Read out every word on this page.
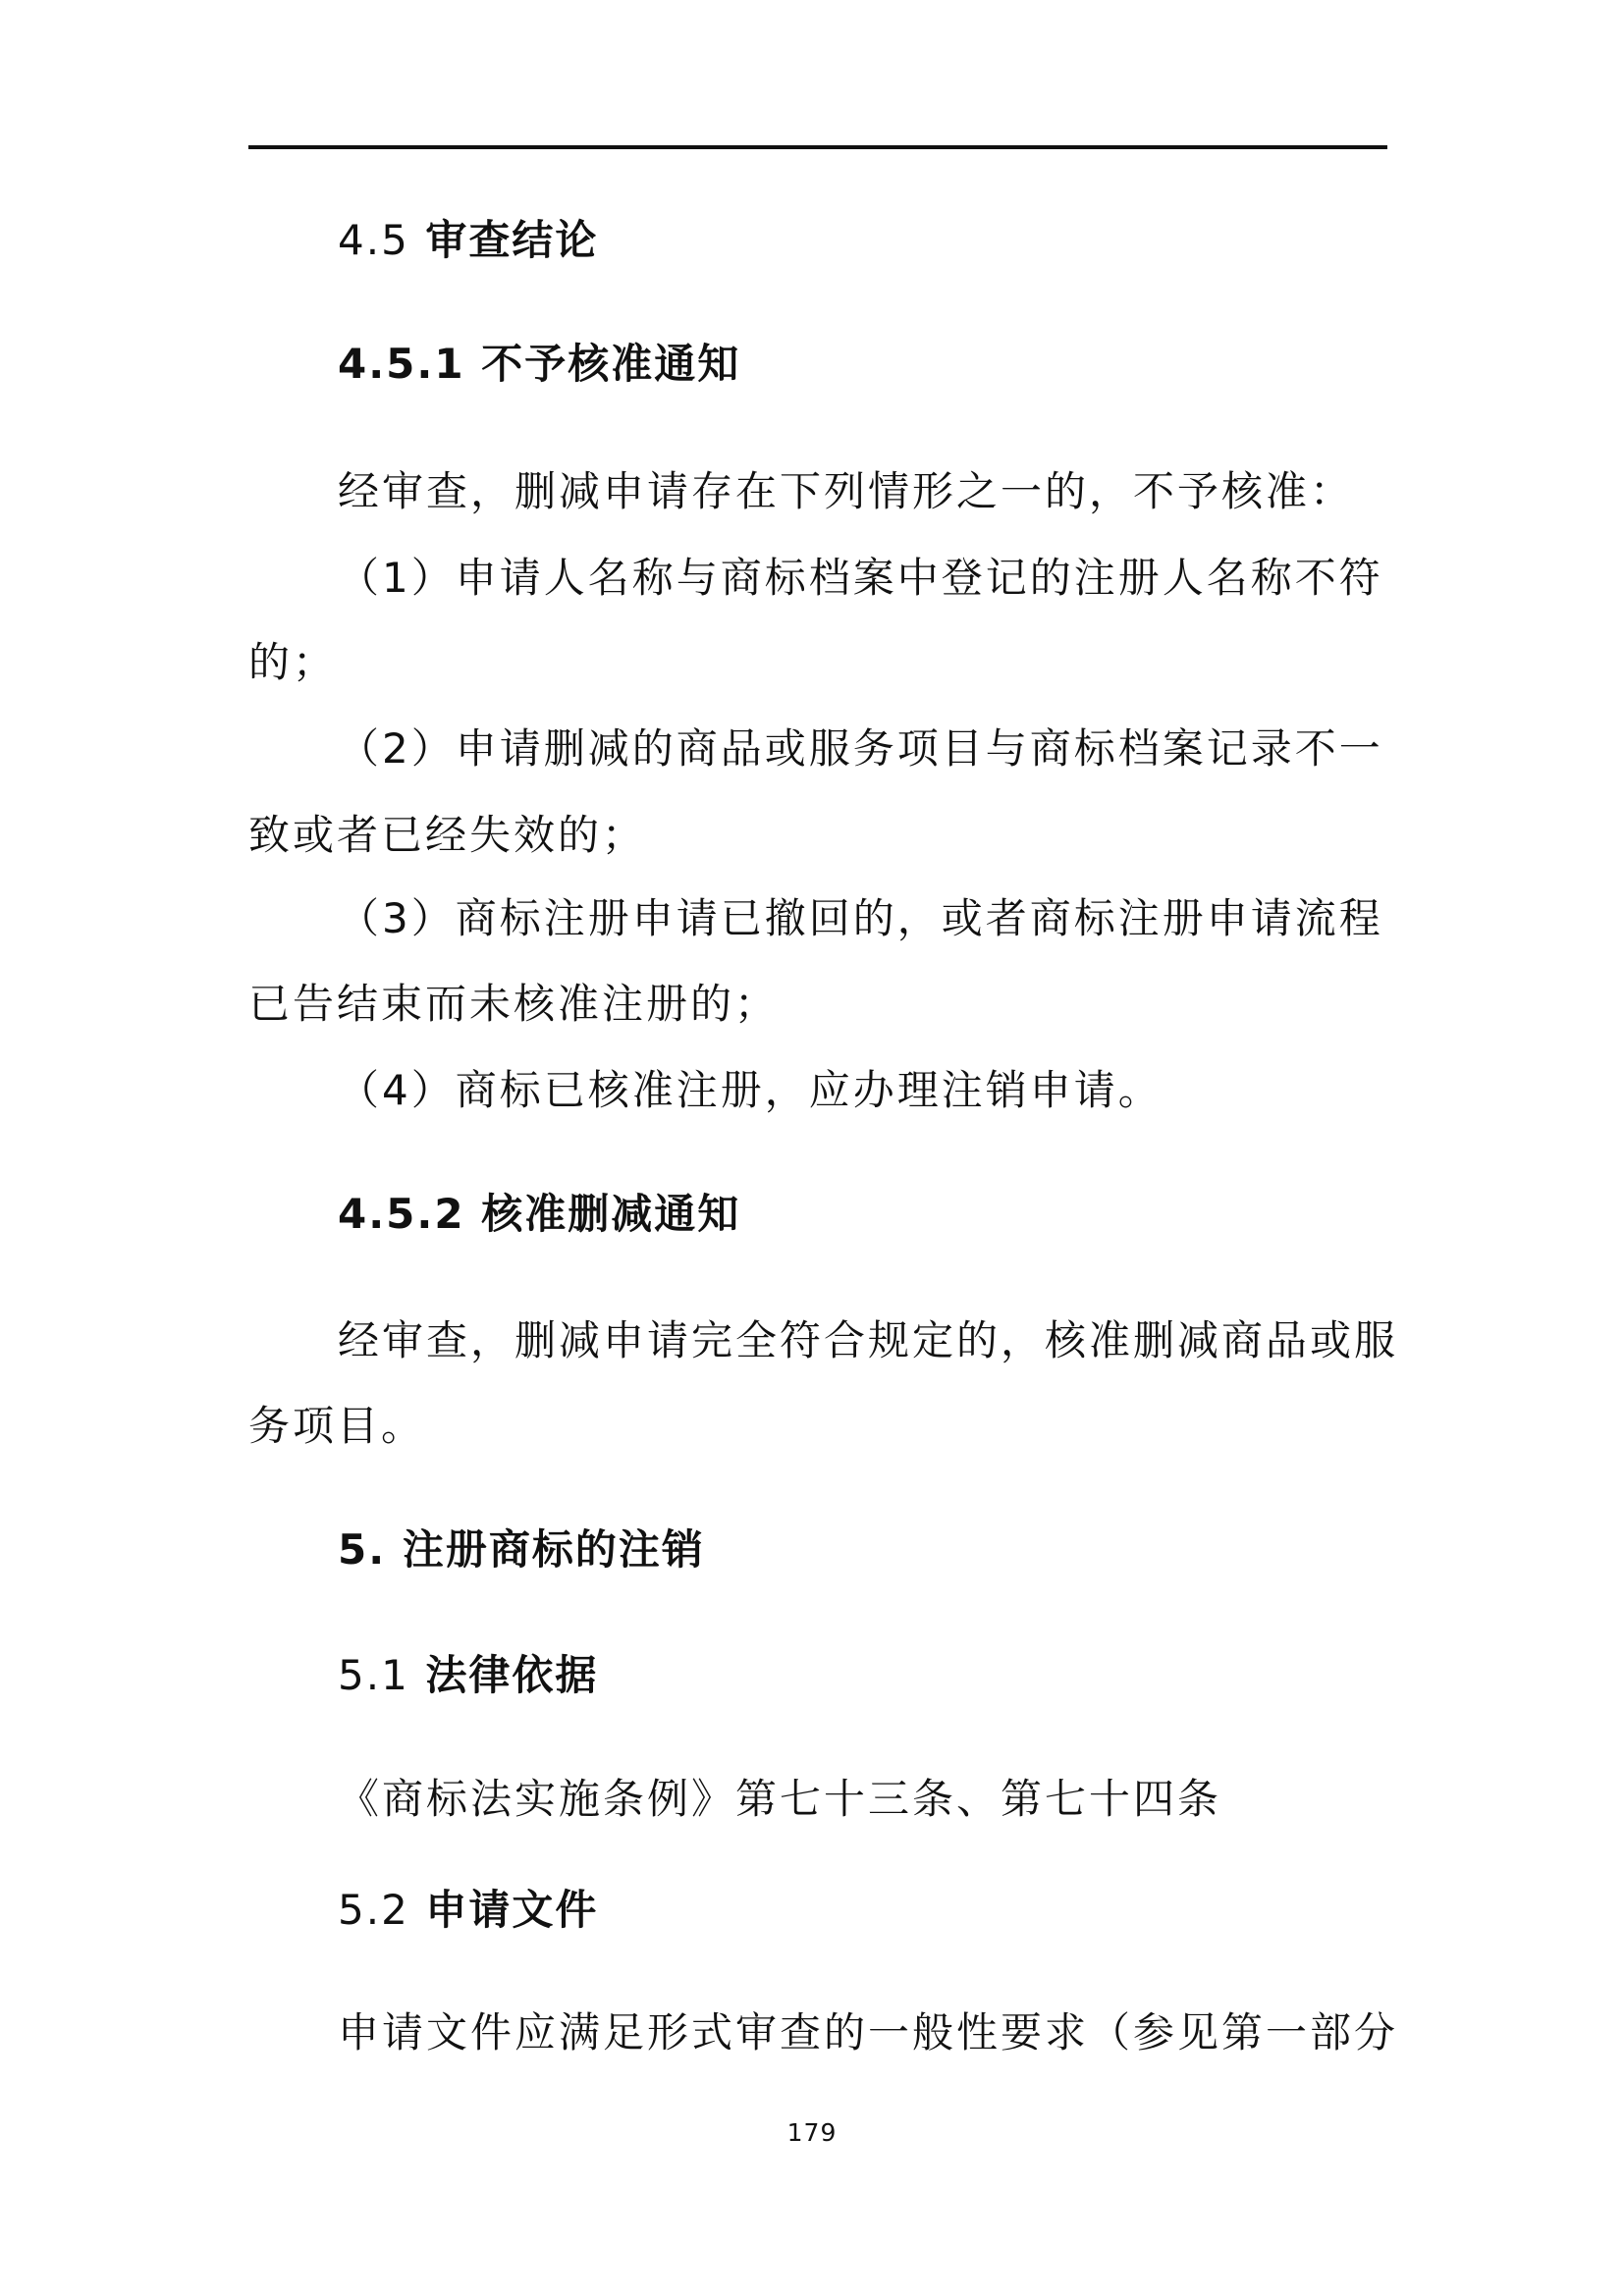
4.5 审查结论
4.5.1 不予核准通知

经审查，删减申请存在下列情形之一的，不予核准：

（1）申请人名称与商标档案中登记的注册人名称不符

的；

（2）申请删减的商品或服务项目与商标档案记录不一

致或者已经失效的；

（3）商标注册申请已撤回的，或者商标注册申请流程

已告结束而未核准注册的；

（4）商标已核准注册，应办理注销申请。

4.5.2 核准删减通知

经审查，删减申请完全符合规定的，核准删减商品或服

务项目。

5. 注册商标的注销
5.1 法律依据

《商标法实施条例》第七十三条、第七十四条

5.2 申请文件

申请文件应满足形式审查的一般性要求（参见第一部分

179
